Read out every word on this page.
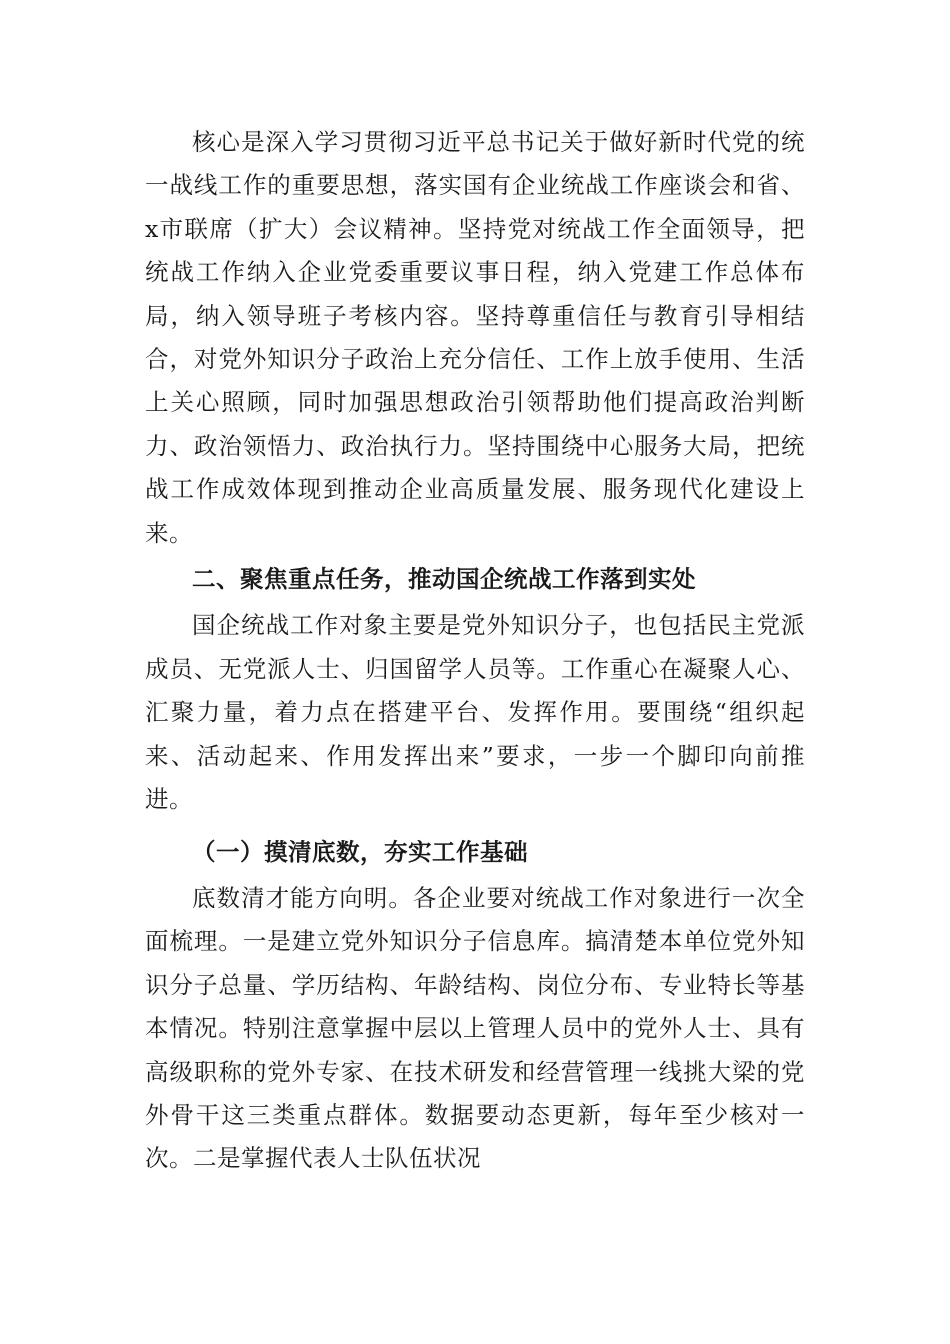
核心是深入学习贯彻习近平总书记关于做好新时代党的统一战线工作的重要思想，落实国有企业统战工作座谈会和省、x市联席（扩大）会议精神。坚持党对统战工作全面领导，把统战工作纳入企业党委重要议事日程，纳入党建工作总体布局，纳入领导班子考核内容。坚持尊重信任与教育引导相结合，对党外知识分子政治上充分信任、工作上放手使用、生活上关心照顾，同时加强思想政治引领帮助他们提高政治判断力、政治领悟力、政治执行力。坚持围绕中心服务大局，把统战工作成效体现到推动企业高质量发展、服务现代化建设上来。

二、聚焦重点任务，推动国企统战工作落到实处

国企统战工作对象主要是党外知识分子，也包括民主党派成员、无党派人士、归国留学人员等。工作重心在凝聚人心、汇聚力量，着力点在搭建平台、发挥作用。要围绕“组织起来、活动起来、作用发挥出来”要求，一步一个脚印向前推进。

（一）摸清底数，夯实工作基础

底数清才能方向明。各企业要对统战工作对象进行一次全面梳理。一是建立党外知识分子信息库。搞清楚本单位党外知识分子总量、学历结构、年龄结构、岗位分布、专业特长等基本情况。特别注意掌握中层以上管理人员中的党外人士、具有高级职称的党外专家、在技术研发和经营管理一线挑大梁的党外骨干这三类重点群体。数据要动态更新，每年至少核对一次。二是掌握代表人士队伍状况
